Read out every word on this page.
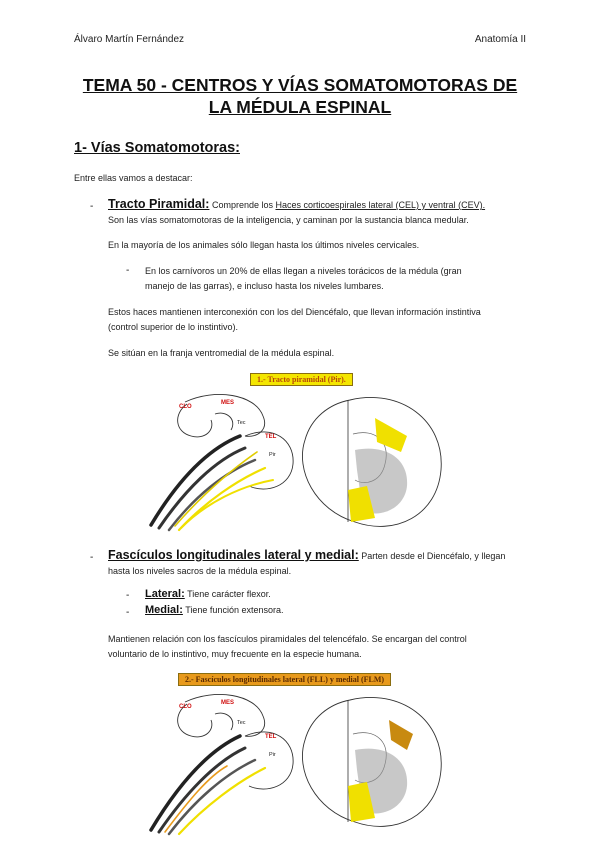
Álvaro Martín Fernández	Anatomía II
TEMA 50 - CENTROS Y VÍAS SOMATOMOTORAS DE
LA MÉDULA ESPINAL
1- Vías Somatomotoras:
Entre ellas vamos a destacar:
- Tracto Piramidal: Comprende los Haces corticoespirales lateral (CEL) y ventral (CEV).
Son las vías somatomotoras de la inteligencia, y caminan por la sustancia blanca medular.
En la mayoría de los animales sólo llegan hasta los últimos niveles cervicales.
- En los carnívoros un 20% de ellas llegan a niveles torácicos de la médula (gran
manejo de las garras), e incluso hasta los niveles lumbares.
Estos haces mantienen interconexión con los del Diencéfalo, que llevan información instintiva
(control superior de lo instintivo).
Se sitúan en la franja ventromedial de la médula espinal.
1.- Tracto piramidal (Pir).
CLO
MES
TEL
Tec
Pir
- Fascículos longitudinales lateral y medial: Parten desde el Diencéfalo, y llegan
hasta los niveles sacros de la médula espinal.
- Lateral: Tiene carácter flexor.
- Medial: Tiene función extensora.
Mantienen relación con los fascículos piramidales del telencéfalo. Se encargan del control
voluntario de lo instintivo, muy frecuente en la especie humana.
2.- Fascículos longitudinales lateral (FLL) y medial (FLM)
CLO
MES
TEL
Tec
Pir
